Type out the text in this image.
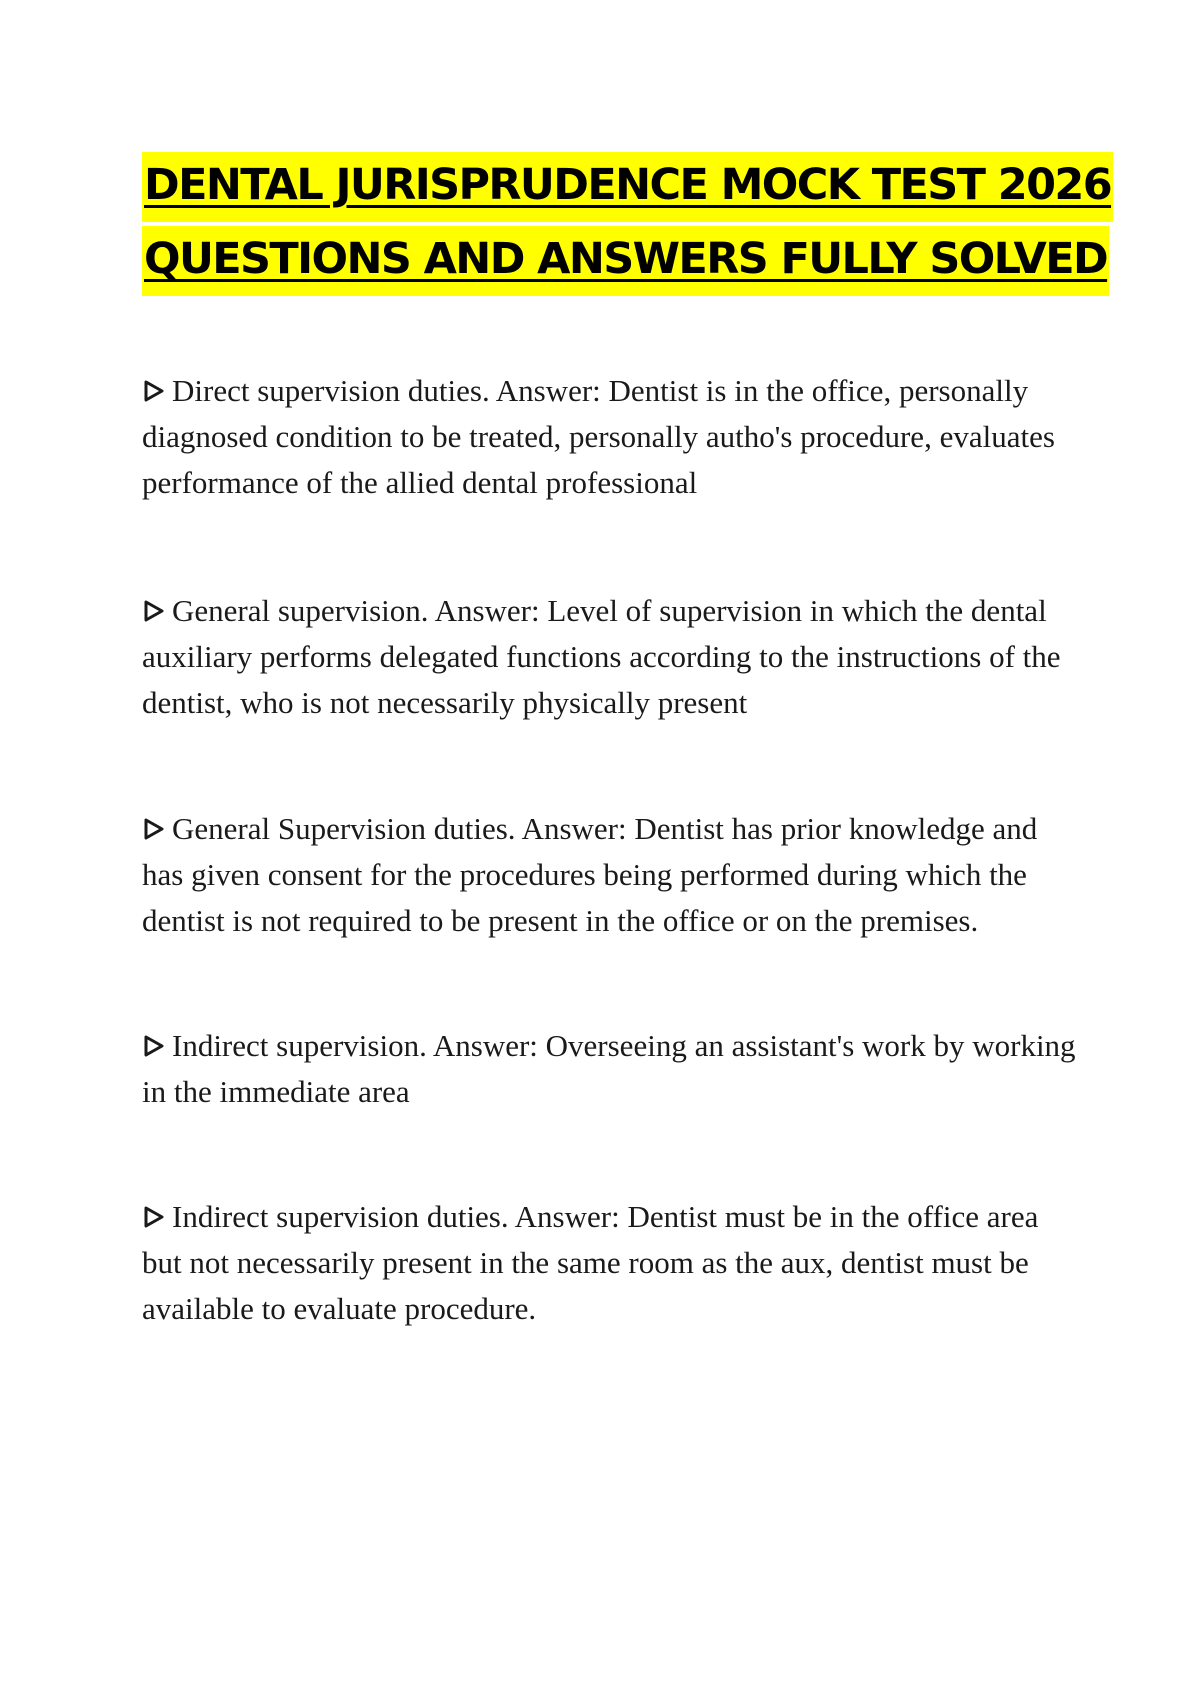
DENTAL JURISPRUDENCE MOCK TEST 2026
QUESTIONS AND ANSWERS FULLY SOLVED
Direct supervision duties. Answer: Dentist is in the office, personally diagnosed condition to be treated, personally autho's procedure, evaluates performance of the allied dental professional
General supervision. Answer: Level of supervision in which the dental auxiliary performs delegated functions according to the instructions of the dentist, who is not necessarily physically present
General Supervision duties. Answer: Dentist has prior knowledge and has given consent for the procedures being performed during which the dentist is not required to be present in the office or on the premises.
Indirect supervision. Answer: Overseeing an assistant's work by working in the immediate area
Indirect supervision duties. Answer: Dentist must be in the office area but not necessarily present in the same room as the aux, dentist must be available to evaluate procedure.
